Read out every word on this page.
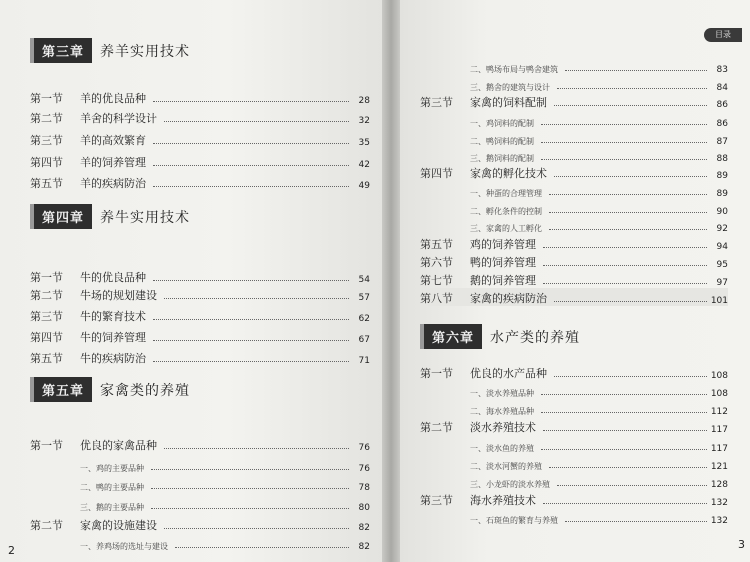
目录
2	3
第三章	养羊实用技术
第一节	羊的优良品种	28
第二节	羊舍的科学设计	32
第三节	羊的高效繁育	35
第四节	羊的饲养管理	42
第五节	羊的疾病防治	49
第四章	养牛实用技术
第一节	牛的优良品种	54
第二节	牛场的规划建设	57
第三节	牛的繁育技术	62
第四节	牛的饲养管理	67
第五节	牛的疾病防治	71
第五章	家禽类的养殖
第一节	优良的家禽品种	76
一、鸡的主要品种	76
二、鸭的主要品种	78
三、鹅的主要品种	80
第二节	家禽的设施建设	82
一、养鸡场的选址与建设	82
二、鸭场布局与鸭舍建筑	83
三、鹅舍的建筑与设计	84
第三节	家禽的饲料配制	86
一、鸡饲料的配制	86
二、鸭饲料的配制	87
三、鹅饲料的配制	88
第四节	家禽的孵化技术	89
一、种蛋的合理管理	89
二、孵化条件的控制	90
三、家禽的人工孵化	92
第五节	鸡的饲养管理	94
第六节	鸭的饲养管理	95
第七节	鹅的饲养管理	97
第八节	家禽的疾病防治	101
第六章	水产类的养殖
第一节	优良的水产品种	108
一、淡水养殖品种	108
二、海水养殖品种	112
第二节	淡水养殖技术	117
一、淡水鱼的养殖	117
二、淡水河蟹的养殖	121
三、小龙虾的淡水养殖	128
第三节	海水养殖技术	132
一、石斑鱼的繁育与养殖	132
